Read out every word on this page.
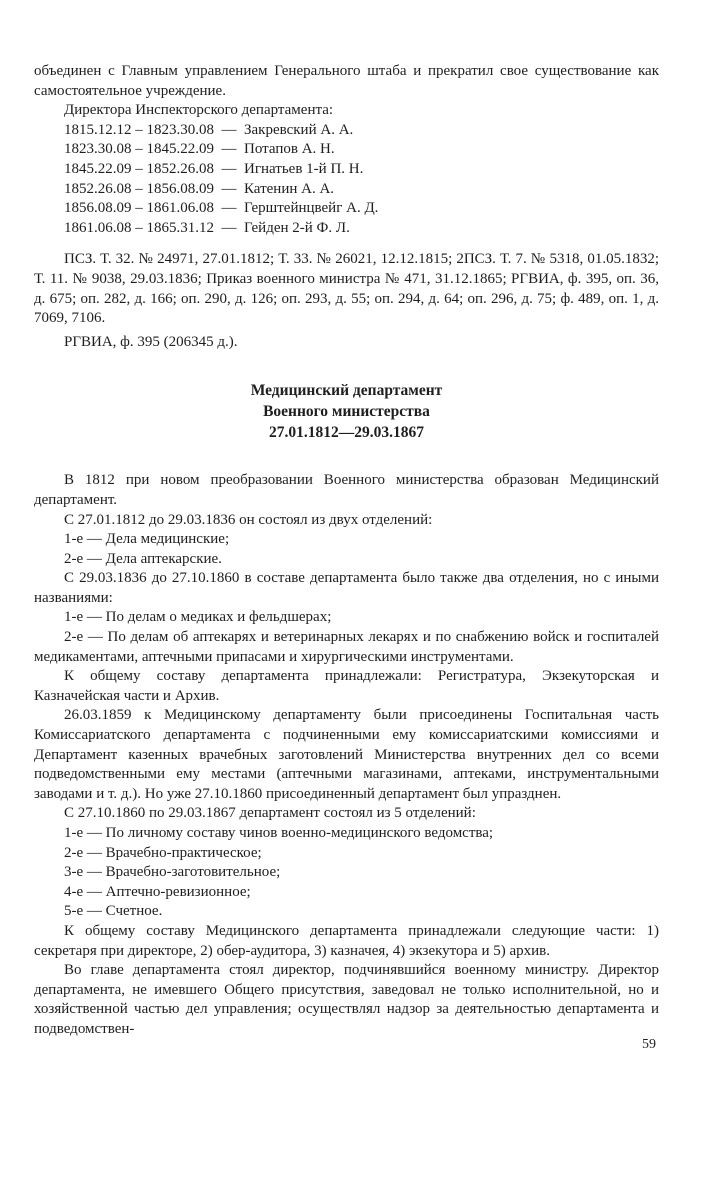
объединен с Главным управлением Генерального штаба и прекратил свое существование как самостоятельное учреждение.

Директора Инспекторского департамента:

1815.12.12 – 1823.30.08  —  Закревский А. А.
1823.30.08 – 1845.22.09  —  Потапов А. Н.
1845.22.09 – 1852.26.08  —  Игнатьев 1-й П. Н.
1852.26.08 – 1856.08.09  —  Катенин А. А.
1856.08.09 – 1861.06.08  —  Герштейнцвейг А. Д.
1861.06.08 – 1865.31.12  —  Гейден 2-й Ф. Л.

ПСЗ. Т. 32. № 24971, 27.01.1812; Т. 33. № 26021, 12.12.1815; 2ПСЗ. Т. 7. № 5318, 01.05.1832; Т. 11. № 9038, 29.03.1836; Приказ военного министра № 471, 31.12.1865; РГВИА, ф. 395, оп. 36, д. 675; оп. 282, д. 166; оп. 290, д. 126; оп. 293, д. 55; оп. 294, д. 64; оп. 296, д. 75; ф. 489, оп. 1, д. 7069, 7106.

РГВИА, ф. 395 (206345 д.).

Медицинский департамент
Военного министерства
27.01.1812—29.03.1867

В 1812 при новом преобразовании Военного министерства образован Медицинский департамент.

С 27.01.1812 до 29.03.1836 он состоял из двух отделений:

1-е — Дела медицинские;

2-е — Дела аптекарские.

С 29.03.1836 до 27.10.1860 в составе департамента было также два отделения, но с иными названиями:

1-е — По делам о медиках и фельдшерах;

2-е — По делам об аптекарях и ветеринарных лекарях и по снабжению войск и госпиталей медикаментами, аптечными припасами и хирургическими инструментами.

К общему составу департамента принадлежали: Регистратура, Экзекуторская и Казначейская части и Архив.

26.03.1859 к Медицинскому департаменту были присоединены Госпитальная часть Комиссариатского департамента с подчиненными ему комиссариатскими комиссиями и Департамент казенных врачебных заготовлений Министерства внутренних дел со всеми подведомственными ему местами (аптечными магазинами, аптеками, инструментальными заводами и т. д.). Но уже 27.10.1860 присоединенный департамент был упразднен.

С 27.10.1860 по 29.03.1867 департамент состоял из 5 отделений:

1-е — По личному составу чинов военно-медицинского ведомства;

2-е — Врачебно-практическое;

3-е — Врачебно-заготовительное;

4-е — Аптечно-ревизионное;

5-е — Счетное.

К общему составу Медицинского департамента принадлежали следующие части: 1) секретаря при директоре, 2) обер-аудитора, 3) казначея, 4) экзекутора и 5) архив.

Во главе департамента стоял директор, подчинявшийся военному министру. Директор департамента, не имевшего Общего присутствия, заведовал не только исполнительной, но и хозяйственной частью дел управления; осуществлял надзор за деятельностью департамента и подведомствен-

59
